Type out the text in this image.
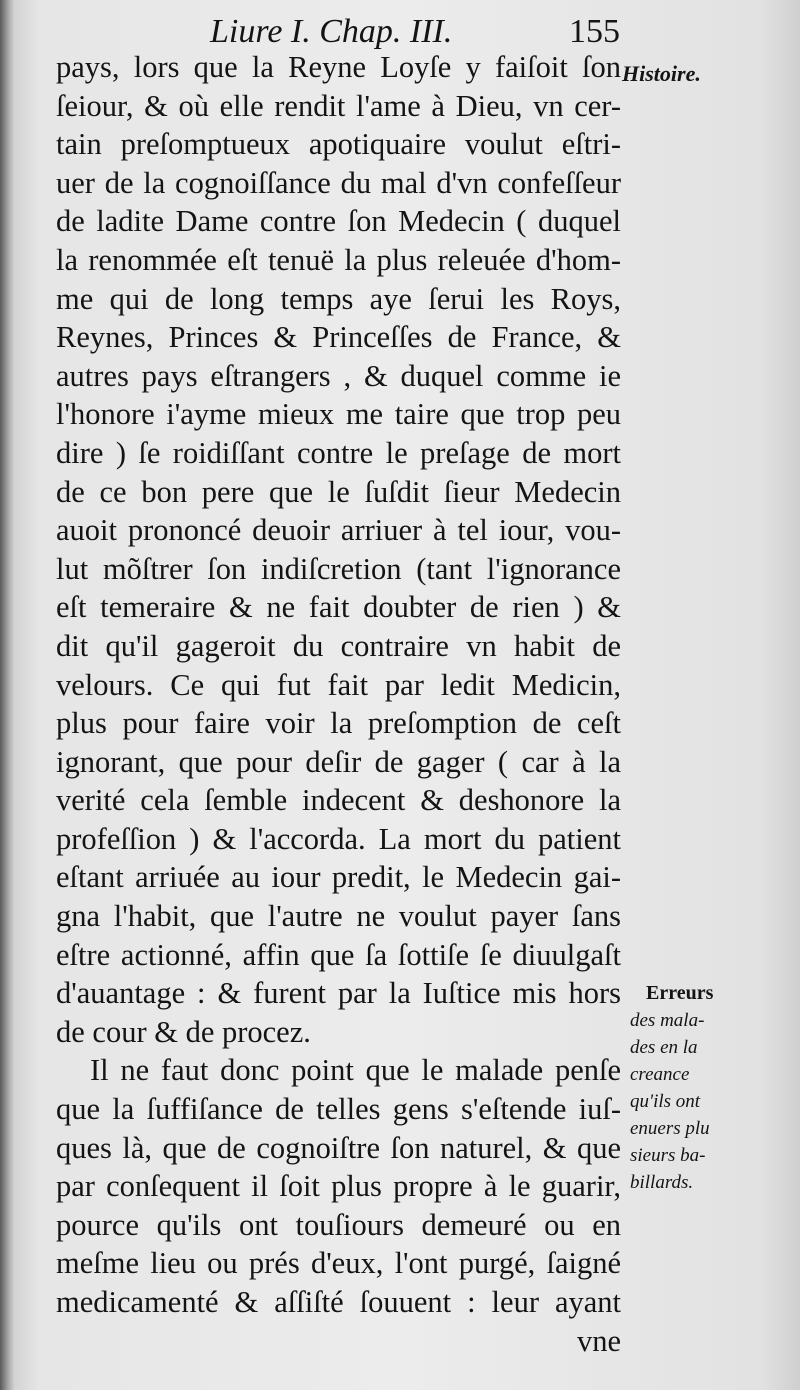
Liure I. Chap. III.	155
Histoire.
Erreurs
des mala-
des en la
creance
qu'ils ont
enuers plu
sieurs ba-
billards.
pays, lors que la Reyne Loyſe y faiſoit ſon
ſeiour, & où elle rendit l'ame à Dieu, vn cer-
tain preſomptueux apotiquaire voulut eſtri-
uer de la cognoiſſance du mal d'vn confeſſeur
de ladite Dame contre ſon Medecin ( duquel
la renommée eſt tenuë la plus releuée d'hom-
me qui de long temps aye ſerui les Roys,
Reynes, Princes & Princeſſes de France, &
autres pays eſtrangers , & duquel comme ie
l'honore i'ayme mieux me taire que trop peu
dire ) ſe roidiſſant contre le preſage de mort
de ce bon pere que le ſuſdit ſieur Medecin
auoit prononcé deuoir arriuer à tel iour, vou-
lut mõſtrer ſon indiſcretion (tant l'ignorance
eſt temeraire & ne fait doubter de rien ) &
dit qu'il gageroit du contraire vn habit de
velours. Ce qui fut fait par ledit Medicin,
plus pour faire voir la preſomption de ceſt
ignorant, que pour deſir de gager ( car à la
verité cela ſemble indecent & deshonore la
profeſſion ) & l'accorda. La mort du patient
eſtant arriuée au iour predit, le Medecin gai-
gna l'habit, que l'autre ne voulut payer ſans
eſtre actionné, affin que ſa ſottiſe ſe diuulgaſt
d'auantage : & furent par la Iuſtice mis hors
de cour & de procez.
Il ne faut donc point que le malade penſe
que la ſuffiſance de telles gens s'eſtende iuſ-
ques là, que de cognoiſtre ſon naturel, & que
par conſequent il ſoit plus propre à le guarir,
pource qu'ils ont touſiours demeuré ou en
meſme lieu ou prés d'eux, l'ont purgé, ſaigné
medicamenté & aſſiſté ſouuent : leur ayant
vne
